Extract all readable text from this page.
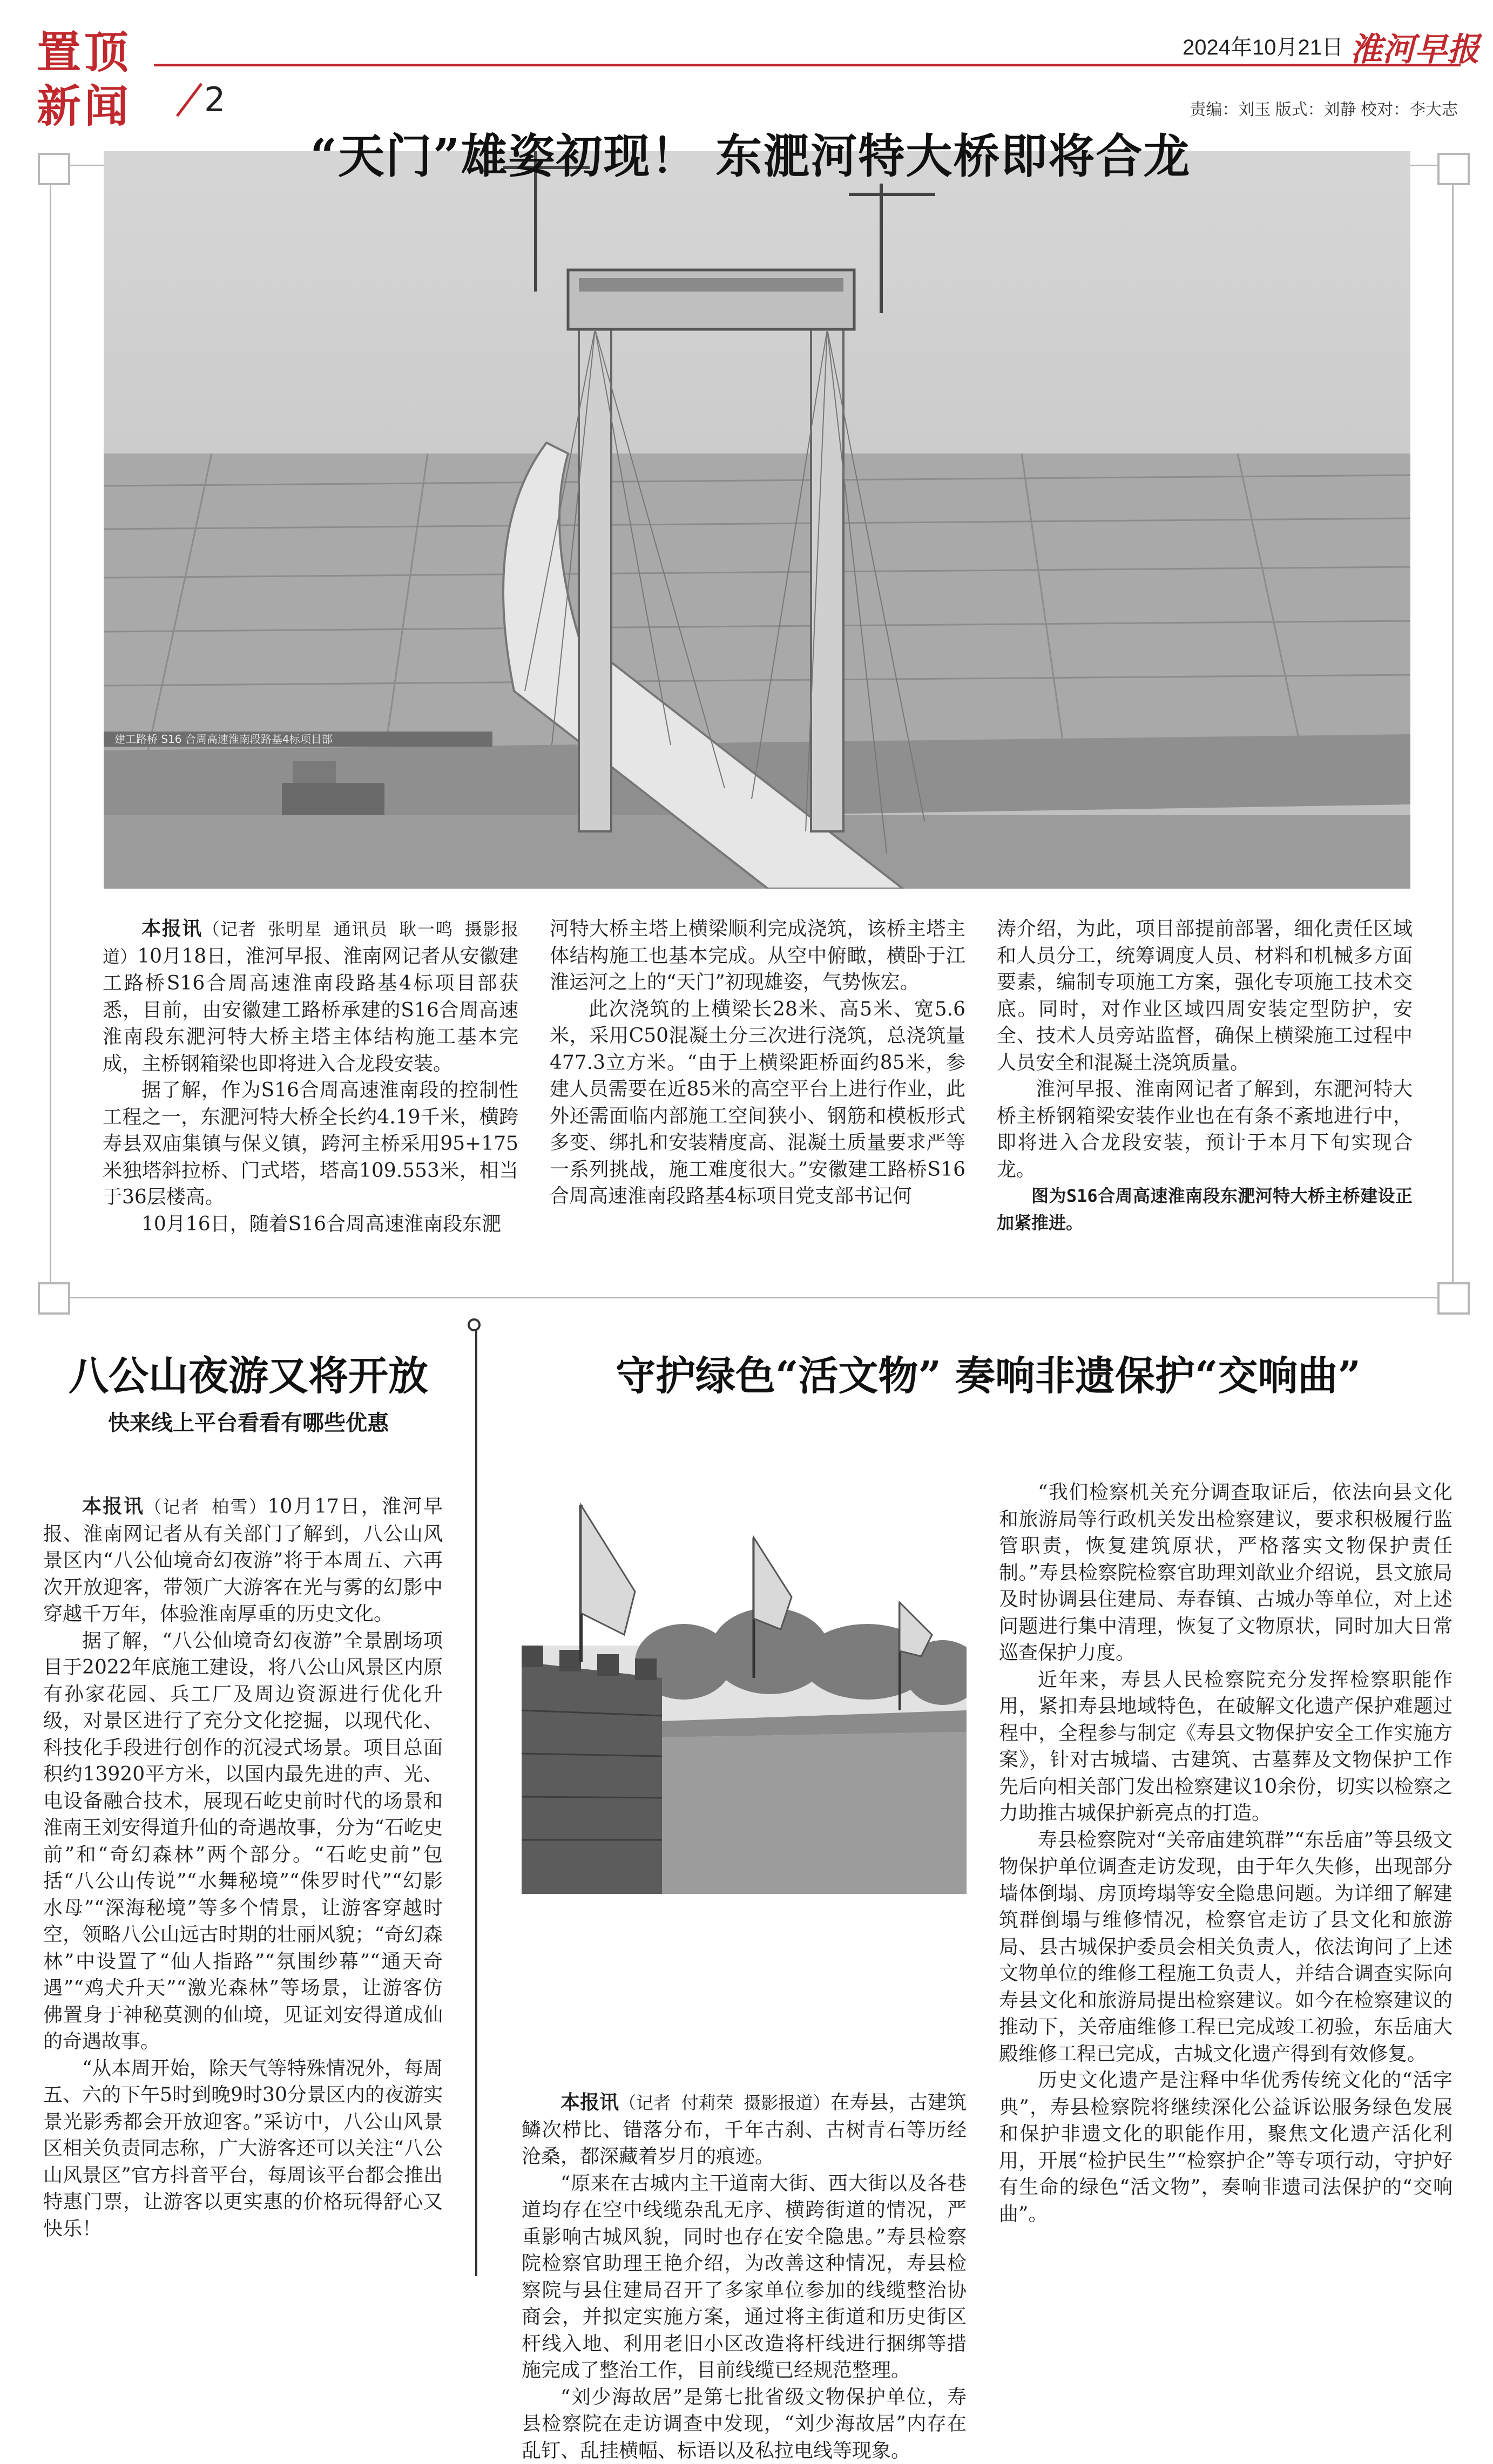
置顶新闻	2
2024年10月21日 淮河早报
责编：刘玉 版式：刘静 校对：李大志
建工路桥 S16 合周高速淮南段路基4标项目部
“天门”雄姿初现！ 东淝河特大桥即将合龙

本报讯（记者 张明星 通讯员 耿一鸣 摄影报道）10月18日，淮河早报、淮南网记者从安徽建工路桥S16合周高速淮南段路基4标项目部获悉，目前，由安徽建工路桥承建的S16合周高速淮南段东淝河特大桥主塔主体结构施工基本完成，主桥钢箱梁也即将进入合龙段安装。

据了解，作为S16合周高速淮南段的控制性工程之一，东淝河特大桥全长约4.19千米，横跨寿县双庙集镇与保义镇，跨河主桥采用95+175米独塔斜拉桥、门式塔，塔高109.553米，相当于36层楼高。

10月16日，随着S16合周高速淮南段东淝

河特大桥主塔上横梁顺利完成浇筑，该桥主塔主体结构施工也基本完成。从空中俯瞰，横卧于江淮运河之上的“天门”初现雄姿，气势恢宏。

此次浇筑的上横梁长28米、高5米、宽5.6米，采用C50混凝土分三次进行浇筑，总浇筑量477.3立方米。“由于上横梁距桥面约85米，参建人员需要在近85米的高空平台上进行作业，此外还需面临内部施工空间狭小、钢筋和模板形式多变、绑扎和安装精度高、混凝土质量要求严等一系列挑战，施工难度很大。”安徽建工路桥S16合周高速淮南段路基4标项目党支部书记何

涛介绍，为此，项目部提前部署，细化责任区域和人员分工，统筹调度人员、材料和机械多方面要素，编制专项施工方案，强化专项施工技术交底。同时，对作业区域四周安装定型防护，安全、技术人员旁站监督，确保上横梁施工过程中人员安全和混凝土浇筑质量。

淮河早报、淮南网记者了解到，东淝河特大桥主桥钢箱梁安装作业也在有条不紊地进行中，即将进入合龙段安装，预计于本月下旬实现合龙。

图为S16合周高速淮南段东淝河特大桥主桥建设正加紧推进。

八公山夜游又将开放
快来线上平台看看有哪些优惠

本报讯（记者 柏雪）10月17日，淮河早报、淮南网记者从有关部门了解到，八公山风景区内“八公仙境奇幻夜游”将于本周五、六再次开放迎客，带领广大游客在光与雾的幻影中穿越千万年，体验淮南厚重的历史文化。

据了解，“八公仙境奇幻夜游”全景剧场项目于2022年底施工建设，将八公山风景区内原有孙家花园、兵工厂及周边资源进行优化升级，对景区进行了充分文化挖掘，以现代化、科技化手段进行创作的沉浸式场景。项目总面积约13920平方米，以国内最先进的声、光、电设备融合技术，展现石屹史前时代的场景和淮南王刘安得道升仙的奇遇故事，分为“石屹史前”和“奇幻森林”两个部分。“石屹史前”包括“八公山传说”“水舞秘境”“侏罗时代”“幻影水母”“深海秘境”等多个情景，让游客穿越时空，领略八公山远古时期的壮丽风貌；“奇幻森林”中设置了“仙人指路”“氛围纱幕”“通天奇遇”“鸡犬升天”“激光森林”等场景，让游客仿佛置身于神秘莫测的仙境，见证刘安得道成仙的奇遇故事。

“从本周开始，除天气等特殊情况外，每周五、六的下午5时到晚9时30分景区内的夜游实景光影秀都会开放迎客。”采访中，八公山风景区相关负责同志称，广大游客还可以关注“八公山风景区”官方抖音平台，每周该平台都会推出特惠门票，让游客以更实惠的价格玩得舒心又快乐！

守护绿色“活文物” 奏响非遗保护“交响曲”

本报讯（记者 付莉荣 摄影报道）在寿县，古建筑鳞次栉比、错落分布，千年古刹、古树青石等历经沧桑，都深藏着岁月的痕迹。

“原来在古城内主干道南大街、西大街以及各巷道均存在空中线缆杂乱无序、横跨街道的情况，严重影响古城风貌，同时也存在安全隐患。”寿县检察院检察官助理王艳介绍，为改善这种情况，寿县检察院与县住建局召开了多家单位参加的线缆整治协商会，并拟定实施方案，通过将主街道和历史街区杆线入地、利用老旧小区改造将杆线进行捆绑等措施完成了整治工作，目前线缆已经规范整理。

“刘少海故居”是第七批省级文物保护单位，寿县检察院在走访调查中发现，“刘少海故居”内存在乱钉、乱挂横幅、标语以及私拉电线等现象。

“我们检察机关充分调查取证后，依法向县文化和旅游局等行政机关发出检察建议，要求积极履行监管职责，恢复建筑原状，严格落实文物保护责任制。”寿县检察院检察官助理刘歆业介绍说，县文旅局及时协调县住建局、寿春镇、古城办等单位，对上述问题进行集中清理，恢复了文物原状，同时加大日常巡查保护力度。

近年来，寿县人民检察院充分发挥检察职能作用，紧扣寿县地域特色，在破解文化遗产保护难题过程中，全程参与制定《寿县文物保护安全工作实施方案》，针对古城墙、古建筑、古墓葬及文物保护工作先后向相关部门发出检察建议10余份，切实以检察之力助推古城保护新亮点的打造。

寿县检察院对“关帝庙建筑群”“东岳庙”等县级文物保护单位调查走访发现，由于年久失修，出现部分墙体倒塌、房顶垮塌等安全隐患问题。为详细了解建筑群倒塌与维修情况，检察官走访了县文化和旅游局、县古城保护委员会相关负责人，依法询问了上述文物单位的维修工程施工负责人，并结合调查实际向寿县文化和旅游局提出检察建议。如今在检察建议的推动下，关帝庙维修工程已完成竣工初验，东岳庙大殿维修工程已完成，古城文化遗产得到有效修复。

历史文化遗产是注释中华优秀传统文化的“活字典”，寿县检察院将继续深化公益诉讼服务绿色发展和保护非遗文化的职能作用，聚焦文化遗产活化利用，开展“检护民生”“检察护企”等专项行动，守护好有生命的绿色“活文物”，奏响非遗司法保护的“交响曲”。
